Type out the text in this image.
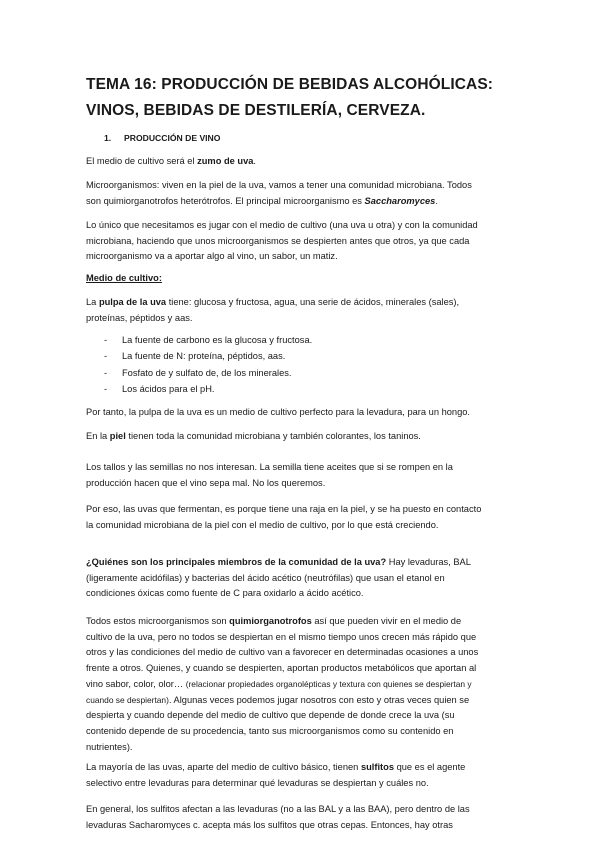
TEMA 16: PRODUCCIÓN DE BEBIDAS ALCOHÓLICAS:
VINOS, BEBIDAS DE DESTILERÍA, CERVEZA.
1. PRODUCCIÓN DE VINO

El medio de cultivo será el zumo de uva.

Microorganismos: viven en la piel de la uva, vamos a tener una comunidad microbiana. Todos
son quimiorganotrofos heterótrofos. El principal microorganismo es Saccharomyces.

Lo único que necesitamos es jugar con el medio de cultivo (una uva u otra) y con la comunidad
microbiana, haciendo que unos microorganismos se despierten antes que otros, ya que cada
microorganismo va a aportar algo al vino, un sabor, un matiz.

Medio de cultivo:

La pulpa de la uva tiene: glucosa y fructosa, agua, una serie de ácidos, minerales (sales),
proteínas, péptidos y aas.

- La fuente de carbono es la glucosa y fructosa.
- La fuente de N: proteína, péptidos, aas.
- Fosfato de y sulfato de, de los minerales.
- Los ácidos para el pH.

Por tanto, la pulpa de la uva es un medio de cultivo perfecto para la levadura, para un hongo.

En la piel tienen toda la comunidad microbiana y también colorantes, los taninos.

Los tallos y las semillas no nos interesan. La semilla tiene aceites que si se rompen en la
producción hacen que el vino sepa mal. No los queremos.

Por eso, las uvas que fermentan, es porque tiene una raja en la piel, y se ha puesto en contacto
la comunidad microbiana de la piel con el medio de cultivo, por lo que está creciendo.

¿Quiénes son los principales miembros de la comunidad de la uva? Hay levaduras, BAL
(ligeramente acidófilas) y bacterias del ácido acético (neutrófilas) que usan el etanol en
condiciones óxicas como fuente de C para oxidarlo a ácido acético.

Todos estos microorganismos son quimiorganotrofos así que pueden vivir en el medio de
cultivo de la uva, pero no todos se despiertan en el mismo tiempo unos crecen más rápido que
otros y las condiciones del medio de cultivo van a favorecer en determinadas ocasiones a unos
frente a otros. Quienes, y cuando se despierten, aportan productos metabólicos que aportan al
vino sabor, color, olor… (relacionar propiedades organolépticas y textura con quienes se despiertan y
cuando se despiertan). Algunas veces podemos jugar nosotros con esto y otras veces quien se
despierta y cuando depende del medio de cultivo que depende de donde crece la uva (su
contenido depende de su procedencia, tanto sus microorganismos como su contenido en
nutrientes).

La mayoría de las uvas, aparte del medio de cultivo básico, tienen sulfitos que es el agente
selectivo entre levaduras para determinar qué levaduras se despiertan y cuáles no.

En general, los sulfitos afectan a las levaduras (no a las BAL y a las BAA), pero dentro de las
levaduras Sacharomyces c. acepta más los sulfitos que otras cepas. Entonces, hay otras
